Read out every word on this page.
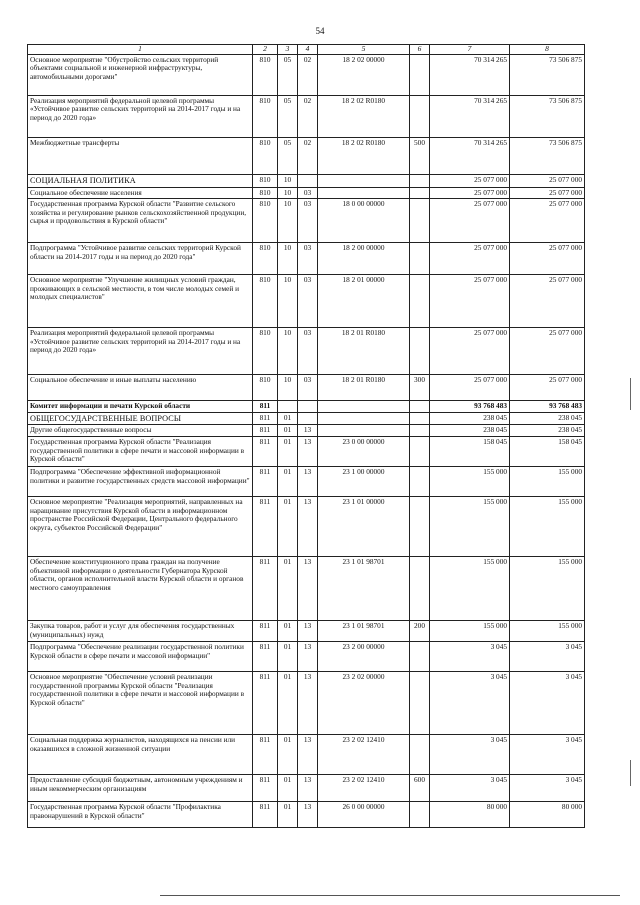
54
1	2	3	4	5	6	7	8
Основное мероприятие "Обустройство сельских территорий объектами социальной и инженерной инфраструктуры, автомобильными дорогами"	810	05	02	18 2 02 00000		70 314 265	73 506 875
Реализация мероприятий федеральной целевой программы «Устойчивое развитие сельских территорий на 2014-2017 годы и на период до 2020 года»	810	05	02	18 2 02 R0180		70 314 265	73 506 875
Межбюджетные трансферты	810	05	02	18 2 02 R0180	500	70 314 265	73 506 875
СОЦИАЛЬНАЯ ПОЛИТИКА	810	10				25 077 000	25 077 000
Социальное обеспечение населения	810	10	03			25 077 000	25 077 000
Государственная программа Курской области "Развитие сельского хозяйства и регулирование рынков сельскохозяйственной продукции, сырья и продовольствия в Курской области"	810	10	03	18 0 00 00000		25 077 000	25 077 000
Подпрограмма "Устойчивое развитие сельских территорий Курской области на 2014-2017 годы и на период до 2020 года"	810	10	03	18 2 00 00000		25 077 000	25 077 000
Основное мероприятие "Улучшение жилищных условий граждан, проживающих в сельской местности, в том числе молодых семей и молодых специалистов"	810	10	03	18 2 01 00000		25 077 000	25 077 000
Реализация мероприятий федеральной целевой программы «Устойчивое развитие сельских территорий на 2014-2017 годы и на период до 2020 года»	810	10	03	18 2 01 R0180		25 077 000	25 077 000
Социальное обеспечение и иные выплаты населению	810	10	03	18 2 01 R0180	300	25 077 000	25 077 000
Комитет информации и печати Курской области	811					93 768 483	93 768 483
ОБЩЕГОСУДАРСТВЕННЫЕ ВОПРОСЫ	811	01				238 045	238 045
Другие общегосударственные вопросы	811	01	13			238 045	238 045
Государственная программа Курской области "Реализация государственной политики в сфере печати и массовой информации в Курской области"	811	01	13	23 0 00 00000		158 045	158 045
Подпрограмма "Обеспечение эффективной информационной политики и развитие государственных средств массовой информации"	811	01	13	23 1 00 00000		155 000	155 000
Основное мероприятие "Реализация мероприятий, направленных на наращивание присутствия Курской области в информационном пространстве Российской Федерации, Центрального федерального округа, субъектов Российской Федерации"	811	01	13	23 1 01 00000		155 000	155 000
Обеспечение конституционного права граждан на получение объективной информации о деятельности Губернатора Курской области, органов исполнительной власти Курской области и органов местного самоуправления	811	01	13	23 1 01 98701		155 000	155 000
Закупка товаров, работ и услуг для обеспечения государственных (муниципальных) нужд	811	01	13	23 1 01 98701	200	155 000	155 000
Подпрограмма "Обеспечение реализации государственной политики Курской области в сфере печати и массовой информации"	811	01	13	23 2 00 00000		3 045	3 045
Основное мероприятие "Обеспечение условий реализации государственной программы Курской области "Реализация государственной политики в сфере печати и массовой информации в Курской области"	811	01	13	23 2 02 00000		3 045	3 045
Социальная поддержка журналистов, находящихся на пенсии или оказавшихся в сложной жизненной ситуации	811	01	13	23 2 02 12410		3 045	3 045
Предоставление субсидий бюджетным, автономным учреждениям и иным некоммерческим организациям	811	01	13	23 2 02 12410	600	3 045	3 045
Государственная программа Курской области "Профилактика правонарушений в Курской области"	811	01	13	26 0 00 00000		80 000	80 000
